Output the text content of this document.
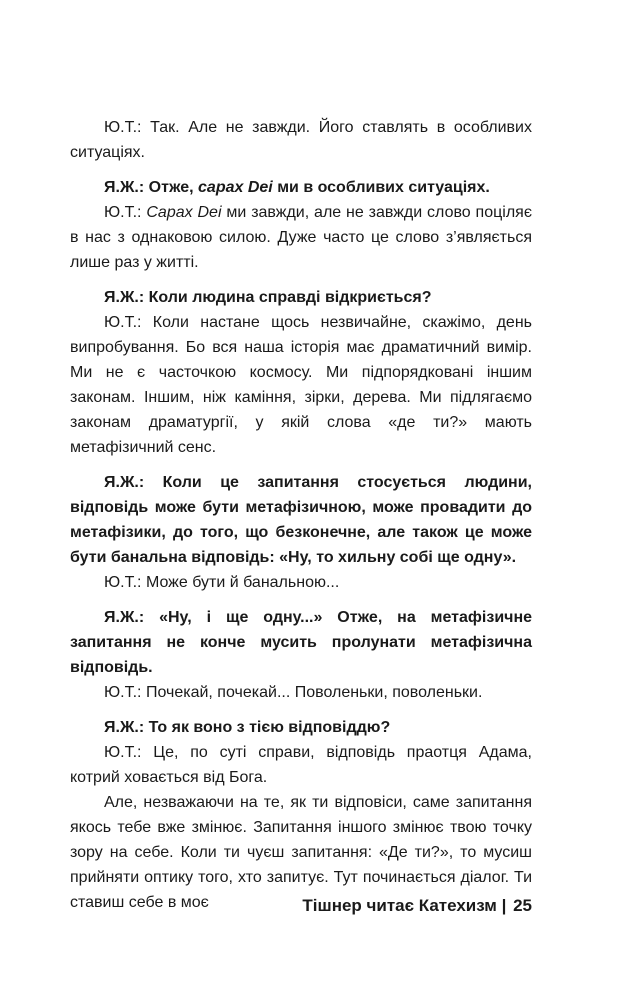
Ю.Т.: Так. Але не завжди. Його ставлять в особливих ситуаціях.

Я.Ж.: Отже, capax Dei ми в особливих ситуаціях.

Ю.Т.: Capax Dei ми завжди, але не завжди слово поціляє в нас з однаковою силою. Дуже часто це слово з’являється лише раз у житті.

Я.Ж.: Коли людина справді відкриється?

Ю.Т.: Коли настане щось незвичайне, скажімо, день випробування. Бо вся наша історія має драматичний вимір. Ми не є часточкою космосу. Ми підпорядковані іншим законам. Іншим, ніж каміння, зірки, дерева. Ми підлягаємо законам драматургії, у якій слова «де ти?» мають метафізичний сенс.

Я.Ж.: Коли це запитання стосується людини, відповідь може бути метафізичною, може провадити до метафізики, до того, що безконечне, але також це може бути банальна відповідь: «Ну, то хильну собі ще одну».

Ю.Т.: Може бути й банальною...

Я.Ж.: «Ну, і ще одну...» Отже, на метафізичне запитання не конче мусить пролунати метафізична відповідь.

Ю.Т.: Почекай, почекай... Поволеньки, поволеньки.

Я.Ж.: То як воно з тією відповіддю?

Ю.Т.: Це, по суті справи, відповідь праотця Адама, котрий ховається від Бога.

Але, незважаючи на те, як ти відповіси, саме запитання якось тебе вже змінює. Запитання іншого змінює твою точку зору на себе. Коли ти чуєш запитання: «Де ти?», то мусиш прийняти оптику того, хто запитує. Тут починається діалог. Ти ставиш себе в моє	Тішнер читає Катехизм | 25
